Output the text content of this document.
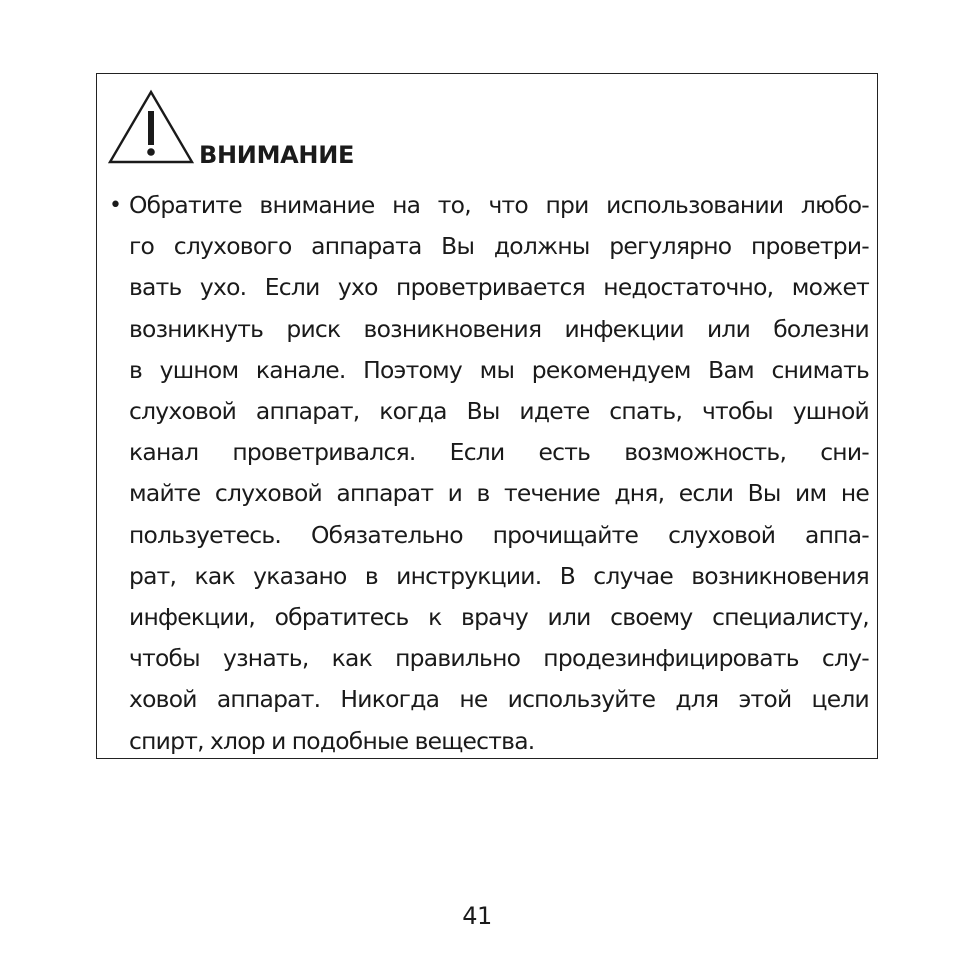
ВНИМАНИЕ
• Обратите внимание на то, что при использовании любо-
го слухового аппарата Вы должны регулярно проветри-
вать ухо. Если ухо проветривается недостаточно, может
возникнуть риск возникновения инфекции или болезни
в ушном канале. Поэтому мы рекомендуем Вам снимать
слуховой аппарат, когда Вы идете спать, чтобы ушной
канал проветривался. Если есть возможность, сни-
майте слуховой аппарат и в течение дня, если Вы им не
пользуетесь. Обязательно прочищайте слуховой аппа-
рат, как указано в инструкции. В случае возникновения
инфекции, обратитесь к врачу или своему специалисту,
чтобы узнать, как правильно продезинфицировать слу-
ховой аппарат. Никогда не используйте для этой цели
спирт, хлор и подобные вещества.
41
